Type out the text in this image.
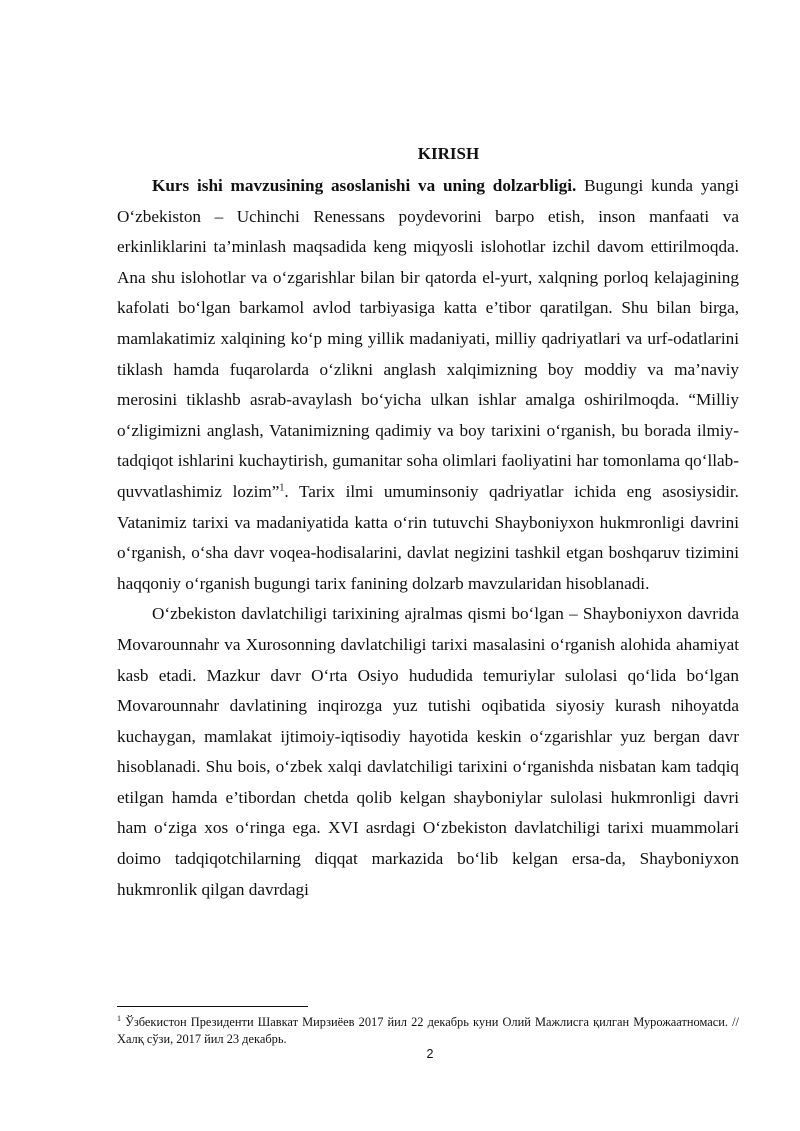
KIRISH

Kurs ishi mavzusining asoslanishi va uning dolzarbligi. Bugungi kunda yangi O‘zbekiston – Uchinchi Renessans poydevorini barpo etish, inson manfaati va erkinliklarini ta’minlash maqsadida keng miqyosli islohotlar izchil davom ettirilmoqda. Ana shu islohotlar va o‘zgarishlar bilan bir qatorda el-yurt, xalqning porloq kelajagining kafolati bo‘lgan barkamol avlod tarbiyasiga katta e’tibor qaratilgan. Shu bilan birga, mamlakatimiz xalqining ko‘p ming yillik madaniyati, milliy qadriyatlari va urf-odatlarini tiklash hamda fuqarolarda o‘zlikni anglash xalqimizning boy moddiy va ma’naviy merosini tiklashb asrab-avaylash bo‘yicha ulkan ishlar amalga oshirilmoqda. “Milliy o‘zligimizni anglash, Vatanimizning qadimiy va boy tarixini o‘rganish, bu borada ilmiy-tadqiqot ishlarini kuchaytirish, gumanitar soha olimlari faoliyatini har tomonlama qo‘llab-quvvatlashimiz lozim”$^1$. Tarix ilmi umuminsoniy qadriyatlar ichida eng asosiysidir. Vatanimiz tarixi va madaniyatida katta o‘rin tutuvchi Shayboniyxon hukmronligi davrini o‘rganish, o‘sha davr voqea-hodisalarini, davlat negizini tashkil etgan boshqaruv tizimini haqqoniy o‘rganish bugungi tarix fanining dolzarb mavzularidan hisoblanadi.

O‘zbekiston davlatchiligi tarixining ajralmas qismi bo‘lgan – Shayboniyxon davrida Movarounnahr va Xurosonning davlatchiligi tarixi masalasini o‘rganish alohida ahamiyat kasb etadi. Mazkur davr O‘rta Osiyo hududida temuriylar sulolasi qo‘lida bo‘lgan Movarounnahr davlatining inqirozga yuz tutishi oqibatida siyosiy kurash nihoyatda kuchaygan, mamlakat ijtimoiy-iqtisodiy hayotida keskin o‘zgarishlar yuz bergan davr hisoblanadi. Shu bois, o‘zbek xalqi davlatchiligi tarixini o‘rganishda nisbatan kam tadqiq etilgan hamda e’tibordan chetda qolib kelgan shayboniylar sulolasi hukmronligi davri ham o‘ziga xos o‘ringa ega. XVI asrdagi O‘zbekiston davlatchiligi tarixi muammolari doimo tadqiqotchilarning diqqat markazida bo‘lib kelgan ersa-da, Shayboniyxon hukmronlik qilgan davrdagi

$^1$ Ўзбекистон Президенти Шавкат Мирзиёев 2017 йил 22 декабрь куни Олий Мажлисга қилган Мурожаатномаси. // Халқ сўзи, 2017 йил 23 декабрь.
2
